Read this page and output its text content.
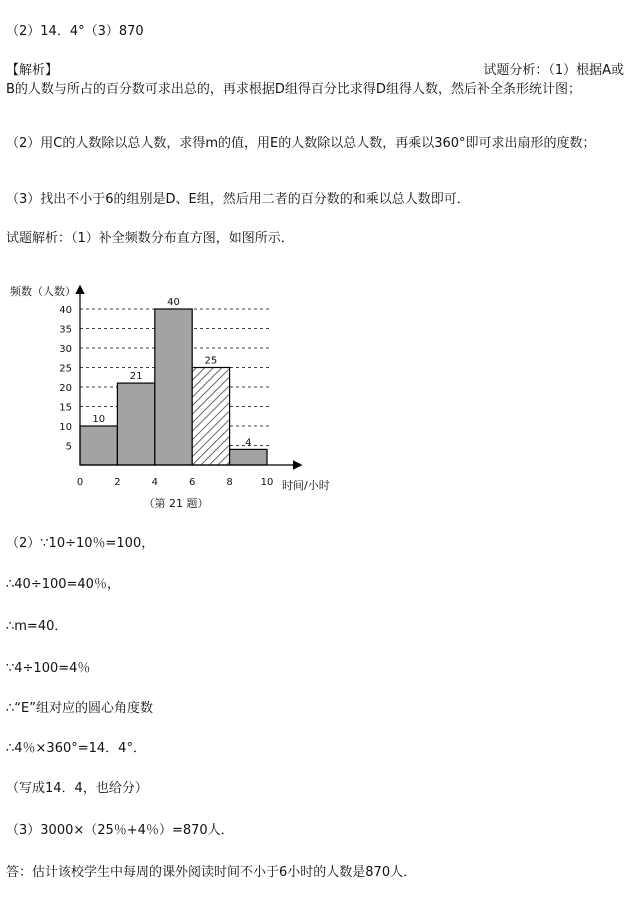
（2）14．4°（3）870
【解析】	试题分析：（1）根据A或
B的人数与所占的百分数可求出总的，再求根据D组得百分比求得D组得人数，然后补全条形统计图；
（2）用C的人数除以总人数，求得m的值，用E的人数除以总人数，再乘以360°即可求出扇形的度数；
（3）找出不小于6的组别是D、E组，然后用二者的百分数的和乘以总人数即可．
试题解析：（1）补全频数分布直方图，如图所示．
5
10
15
20
25
30
35
40
10
21
40
25
4
0	2	4	6	8	10
频数（人数）
时间/小时
（第 21 题）
（2）∵10÷10％=100，
∴40÷100=40％，
∴m=40．
∵4÷100=4％
∴“E”组对应的圆心角度数
∴4％×360°=14．4°．
（写成14．4，也给分）
（3）3000×（25％+4％）=870人．
答：估计该校学生中每周的课外阅读时间不小于6小时的人数是870人．
